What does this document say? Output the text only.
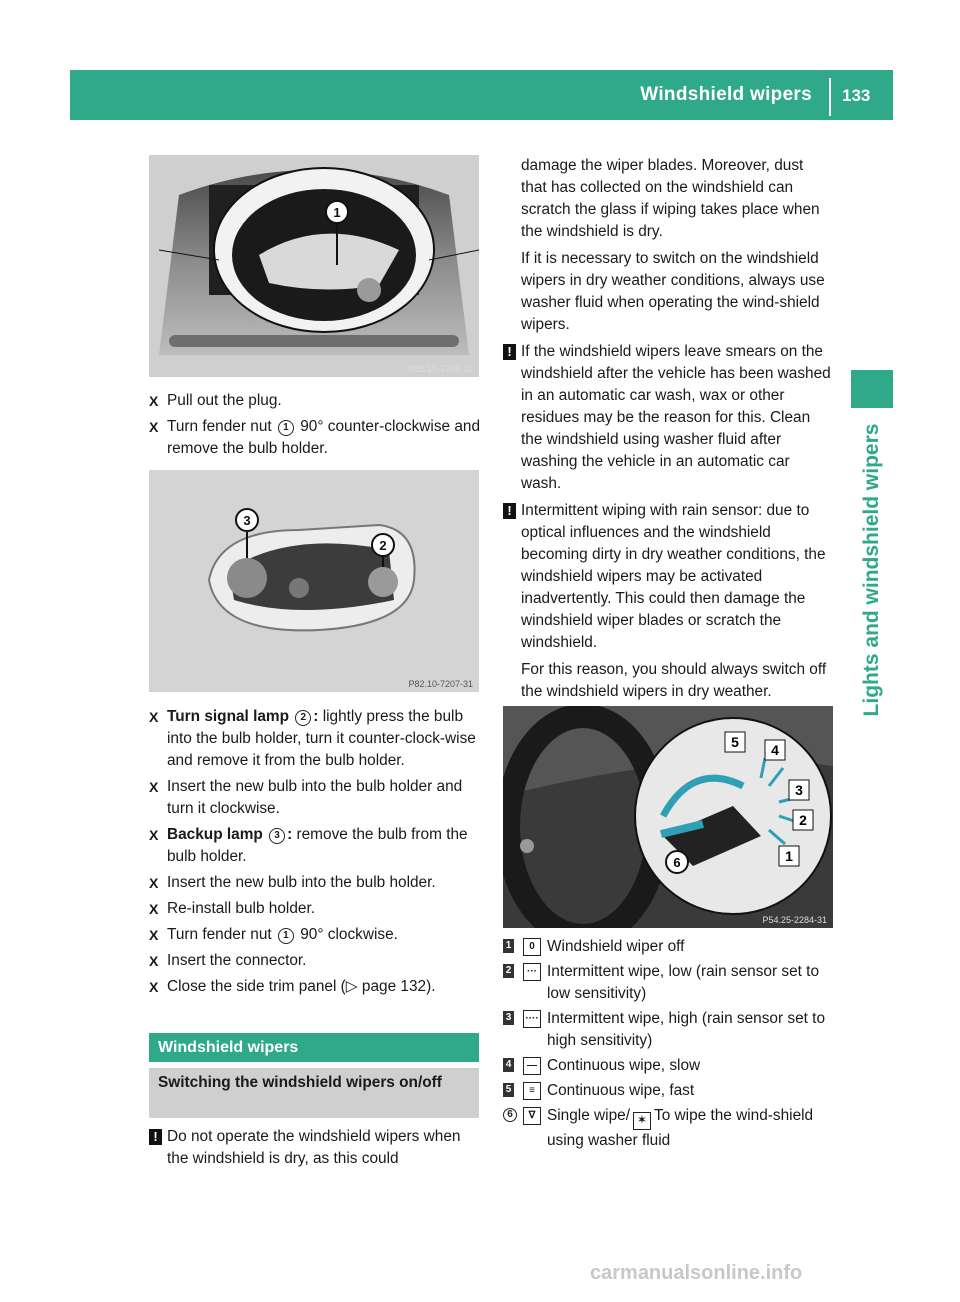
Windshield wipers 133
Lights and windshield wipers
1
P82.10-7206-31
X Pull out the plug.
X Turn fender nut 1 90° counter-clockwise and remove the bulb holder.
3
2
P82.10-7207-31
X Turn signal lamp 2 : lightly press the bulb into the bulb holder, turn it counter-clock-wise and remove it from the bulb holder.
X Insert the new bulb into the bulb holder and turn it clockwise.
X Backup lamp 3 : remove the bulb from the bulb holder.
X Insert the new bulb into the bulb holder.
X Re-install bulb holder.
X Turn fender nut 1 90° clockwise.
X Insert the connector.
X Close the side trim panel (▷ page 132).
Windshield wipers
Switching the windshield wipers on/off
! Do not operate the windshield wipers when the windshield is dry, as this could
damage the wiper blades. Moreover, dust that has collected on the windshield can scratch the glass if wiping takes place when the windshield is dry.
If it is necessary to switch on the windshield wipers in dry weather conditions, always use washer fluid when operating the wind-shield wipers.
! If the windshield wipers leave smears on the windshield after the vehicle has been washed in an automatic car wash, wax or other residues may be the reason for this. Clean the windshield using washer fluid after washing the vehicle in an automatic car wash.
! Intermittent wiping with rain sensor: due to optical influences and the windshield becoming dirty in dry weather conditions, the windshield wipers may be activated inadvertently. This could then damage the windshield wiper blades or scratch the windshield.
For this reason, you should always switch off the windshield wipers in dry weather.
5 4
3
2
1
6
P54.25-2284-31
1	0 Windshield wiper off
2	··· Intermittent wipe, low (rain sensor set to low sensitivity)
3 ···· Intermittent wipe, high (rain sensor set to high sensitivity)
4	— Continuous wipe, slow
5	≡ Continuous wipe, fast
6	∇ Single wipe/ ✶ To wipe the wind-shield using washer fluid
carmanualsonline.info
